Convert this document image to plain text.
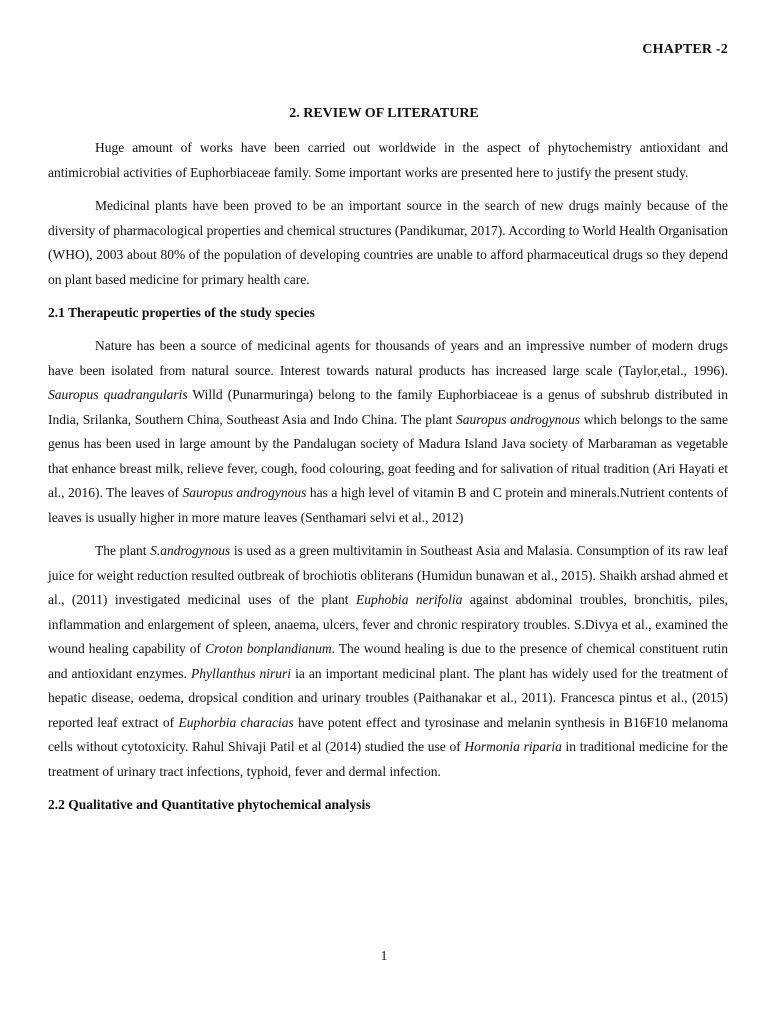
CHAPTER -2
2. REVIEW OF LITERATURE

Huge amount of works have been carried out worldwide in the aspect of phytochemistry antioxidant and antimicrobial activities of Euphorbiaceae family. Some important works are presented here to justify the present study.

Medicinal plants have been proved to be an important source in the search of new drugs mainly because of the diversity of pharmacological properties and chemical structures (Pandikumar, 2017). According to World Health Organisation (WHO), 2003 about 80% of the population of developing countries are unable to afford pharmaceutical drugs so they depend on plant based medicine for primary health care.

2.1 Therapeutic properties of the study species

Nature has been a source of medicinal agents for thousands of years and an impressive number of modern drugs have been isolated from natural source. Interest towards natural products has increased large scale (Taylor,etal., 1996). Sauropus quadrangularis Willd (Punarmuringa) belong to the family Euphorbiaceae is a genus of subshrub distributed in India, Srilanka, Southern China, Southeast Asia and Indo China. The plant Sauropus androgynous which belongs to the same genus has been used in large amount by the Pandalugan society of Madura Island Java society of Marbaraman as vegetable that enhance breast milk, relieve fever, cough, food colouring, goat feeding and for salivation of ritual tradition (Ari Hayati et al., 2016). The leaves of Sauropus androgynous has a high level of vitamin B and C protein and minerals.Nutrient contents of leaves is usually higher in more mature leaves (Senthamari selvi et al., 2012)

The plant S.androgynous is used as a green multivitamin in Southeast Asia and Malasia. Consumption of its raw leaf juice for weight reduction resulted outbreak of brochiotis obliterans (Humidun bunawan et al., 2015). Shaikh arshad ahmed et al., (2011) investigated medicinal uses of the plant Euphobia nerifolia against abdominal troubles, bronchitis, piles, inflammation and enlargement of spleen, anaema, ulcers, fever and chronic respiratory troubles. S.Divya et al., examined the wound healing capability of Croton bonplandianum. The wound healing is due to the presence of chemical constituent rutin and antioxidant enzymes. Phyllanthus niruri ia an important medicinal plant. The plant has widely used for the treatment of hepatic disease, oedema, dropsical condition and urinary troubles (Paithanakar et al., 2011). Francesca pintus et al., (2015) reported leaf extract of Euphorbia characias have potent effect and tyrosinase and melanin synthesis in B16F10 melanoma cells without cytotoxicity. Rahul Shivaji Patil et al (2014) studied the use of Hormonia riparia in traditional medicine for the treatment of urinary tract infections, typhoid, fever and dermal infection.

2.2 Qualitative and Quantitative phytochemical analysis
1
